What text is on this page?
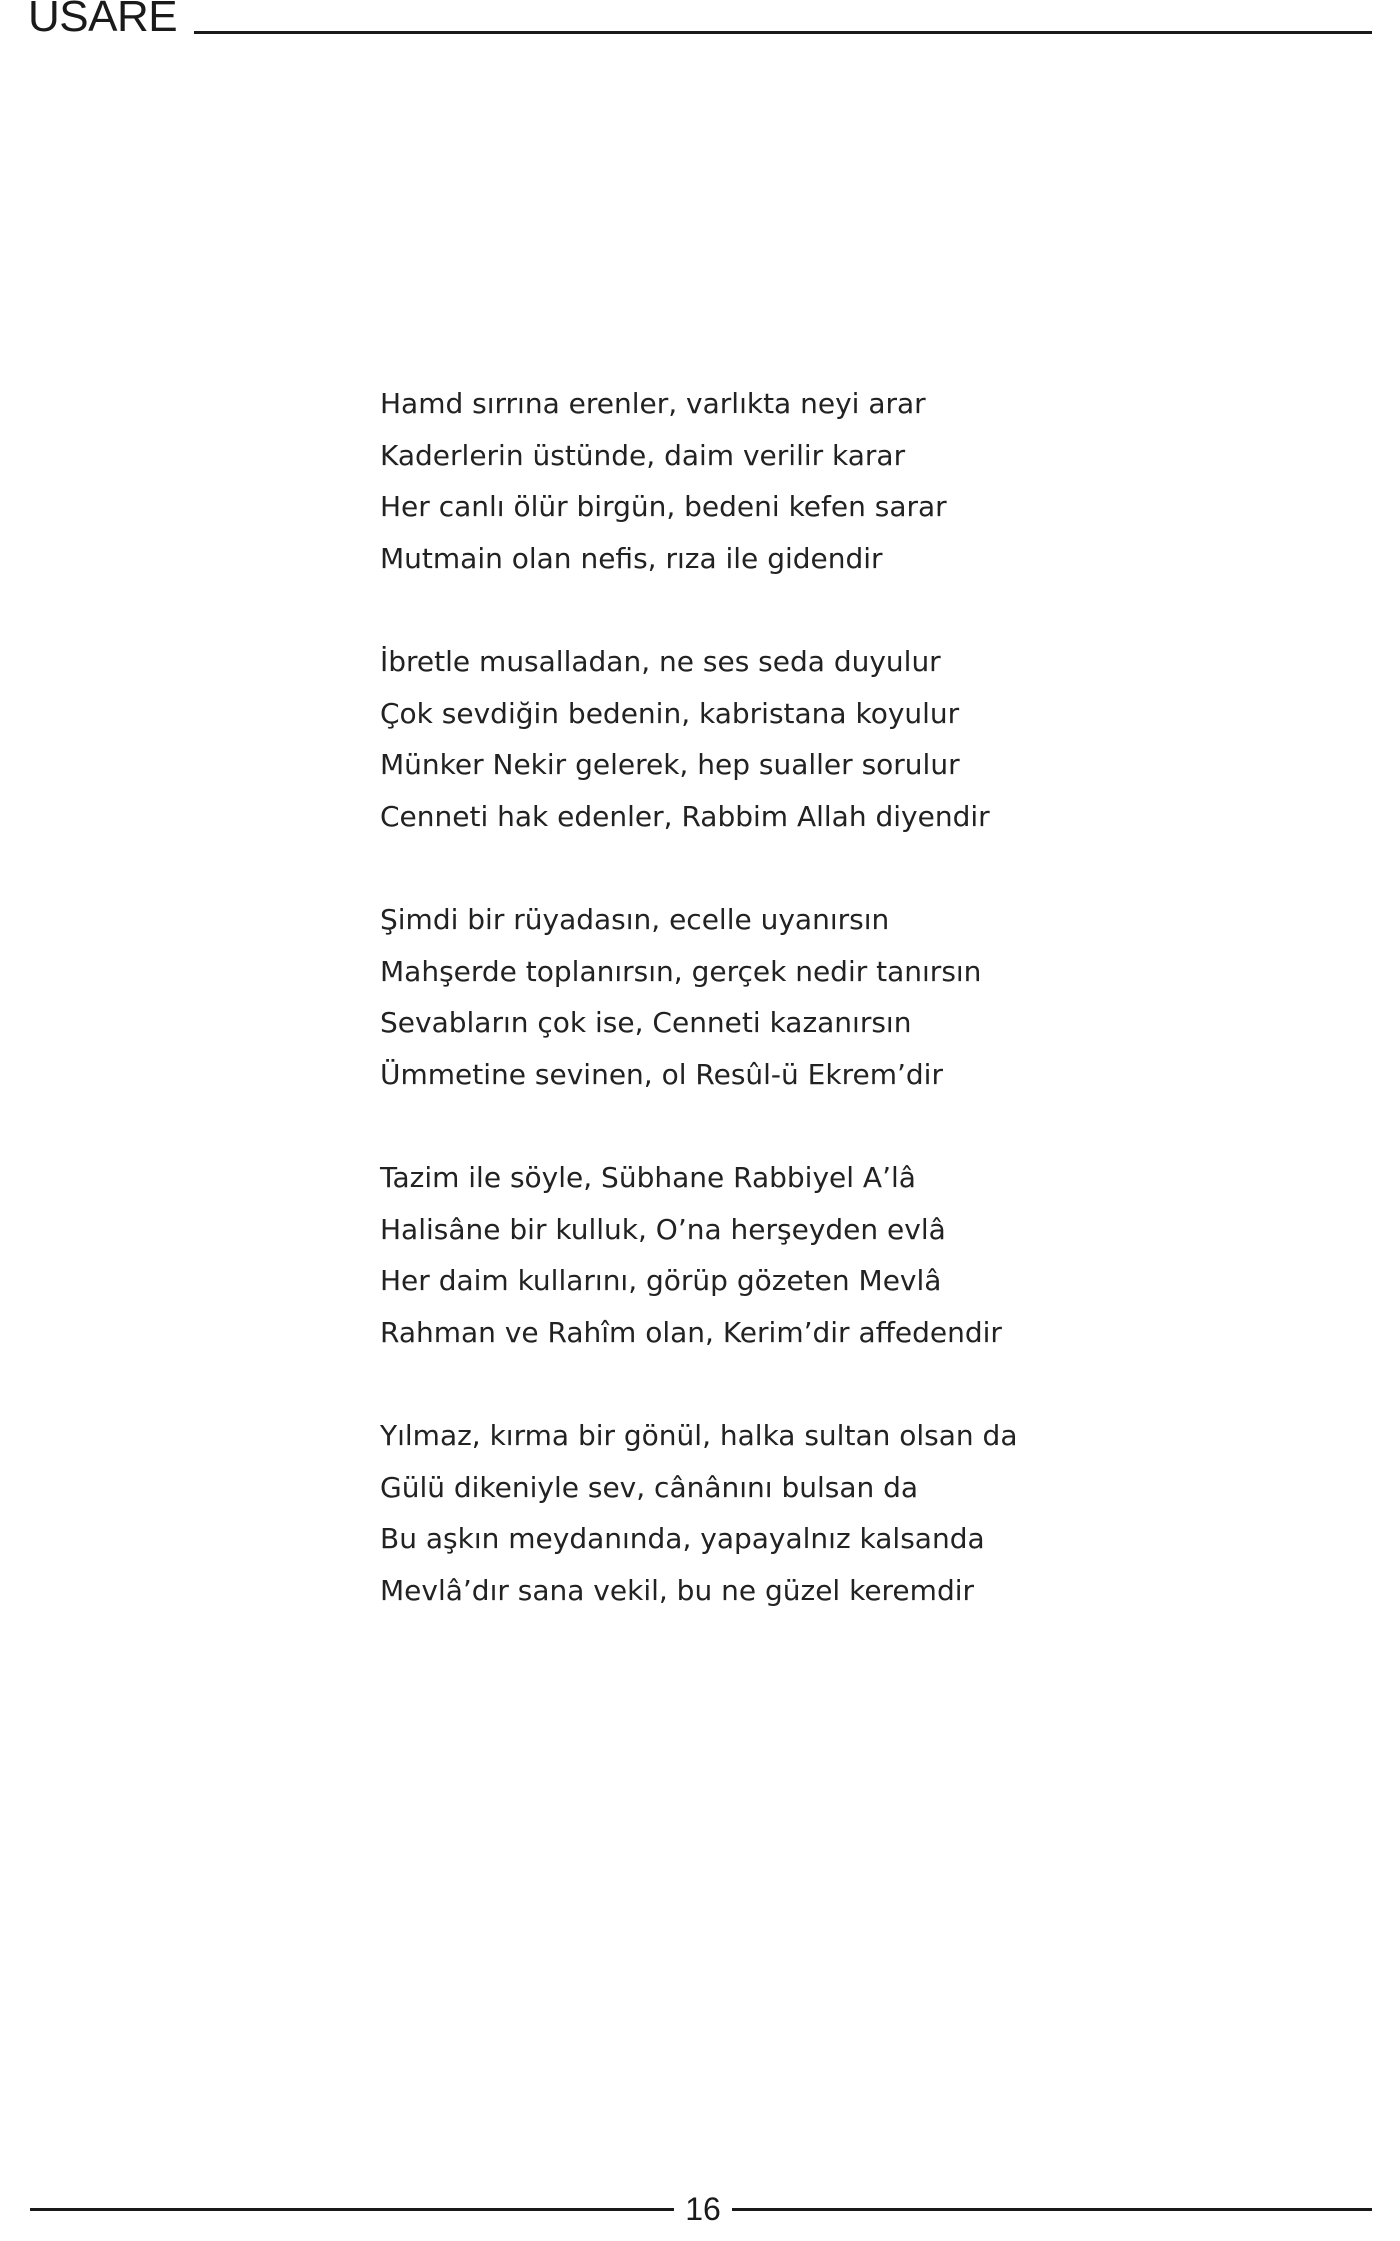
USARE
Hamd sırrına erenler, varlıkta neyi arar
Kaderlerin üstünde, daim verilir karar
Her canlı ölür birgün, bedeni kefen sarar
Mutmain olan nefis, rıza ile gidendir
İbretle musalladan, ne ses seda duyulur
Çok sevdiğin bedenin, kabristana koyulur
Münker Nekir gelerek, hep sualler sorulur
Cenneti hak edenler, Rabbim Allah diyendir
Şimdi bir rüyadasın, ecelle uyanırsın
Mahşerde toplanırsın, gerçek nedir tanırsın
Sevabların çok ise, Cenneti kazanırsın
Ümmetine sevinen, ol Resûl-ü Ekrem’dir
Tazim ile söyle, Sübhane Rabbiyel A’lâ
Halisâne bir kulluk, O’na herşeyden evlâ
Her daim kullarını, görüp gözeten Mevlâ
Rahman ve Rahîm olan, Kerim’dir affedendir
Yılmaz, kırma bir gönül, halka sultan olsan da
Gülü dikeniyle sev, cânânını bulsan da
Bu aşkın meydanında, yapayalnız kalsanda
Mevlâ’dır sana vekil, bu ne güzel keremdir
16
